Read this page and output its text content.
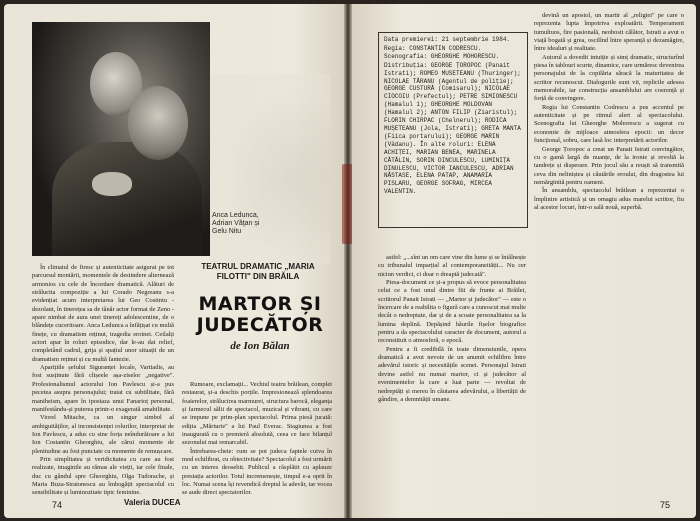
Anca Ledunca, Adrian Văţan și Gelu Nitu
TEATRUL DRAMATIC „MARIA FILOTTI" DIN BRĂILA
MARTOR ȘI JUDECĂTOR
de Ion Bălan

În climatul de firesc și autenticitate asigurat pe tot parcursul montării, momentele de destindere alternează armonios cu cele de încordare dramatică. Alături de strălucita compoziție a lui Corado Negreanu s-a evidențiat acum interpretarea lui Geo Costiniu - dezolant, în tinerețea sa de tânăr actor format de Zeno - apare nimbat de aura unei tinereți adolescentine, de o blândețe cuceritoare. Anca Ledunca a înfățișat cu multă finețe, cu dramatism reținut, tragedia eroinei. Ceilalți actori apar în roluri episodice, dar le-au dat relief, completând cadrul, grija și spațiul unor situații de un dramatism reținut și cu multă fantezie.

Aparițiile șefului Siguranței locale, Vartiadis, au fost susținute fără clișeele așa-ziselor „negative". Profesionalismul actorului Ion Pavlescu și-a pus pecetea asupra personajului; tratat cu subtilitate, fără maniheism, apare în ipostaza unui Fanarioț personal, manifestându-și puterea printr-o exagerată amabilitate.

Viorel Mitache, ca un singur simbol al ambiguităților, al inconsistenței rolurilor, interpretat de Ion Pavlescu, a adus cu sine forța neîndurătoare a lui Ion Costantin Gheorghiu, ale cărui momente de plenitudine au fost punctate cu momente de remușcare.

Prin simplitatea și veridicitatea cu care au fost realizate, imaginile au rămas ale vieții, iar cele finale, duc cu gândul spre Gheorghiu, Olga Tudorache, și Maria Buza-Stratonescu au îmbogățit spectacolul cu sensibilitate și luminozitate tipic feminine.

Rumoare, exclamații... Vechiul teatru brăilean, complet restaurat, și-a deschis porțile. Impresionează splendoarea foaierelor, strălucirea marmurei, structura barocă, eleganța și farmecul sălii de spectacol, muzical și vibrant, cu care se impune pe prim-plan spectacolul. Prima piesă jucată: ediția „Mărturie" a lui Paul Everac. Stagiunea a fost inaugurată cu o premieră absolută, ceea ce face bilanțul sezonului mai remarcabil.

Întrebarea-cheie: cum se pot judeca faptele cuiva în mod echilibrat, cu obiectivitate? Spectacolul a fost urmărit cu un interes deosebit. Publicul a răsplătit cu aplauze prestația actorilor. Totul incremenește, timpul e-a oprit în loc. Numai scena își revendică dreptul la adevăr, iar vocea se aude direct spectatorilor.

Valeria DUCEA
74

Data premierei: 21 septembrie 1984.

Regia: CONSTANTIN CODRESCU. Scenografia: GHEORGHE MOHORESCU.

Distribuția: GEORGE ȚOROPOC (Panait Istrati); ROMEO MUSETEANU (Thuringer); NICOLAE TĂRANU (Agentul de poliție); GEORGE CUSTURĂ (Comisarul); NICOLAE CIOCOIU (Prefectul); PETRE SIMIONESCU (Hamalul 1); GHEORGHE MOLDOVAN (Hamalul 2); ANTON FILIP (Ziaristul); FLORIN CHIRPAC (Chelnerul); RODICA MUȘETEANU (Jola, Istrati); GRETA MANTA (Fiica portarului); GEORGE MARIN (Vădanu). În alte roluri: ELENA ACHIȚEI, MARIAN BENEA, MARINELA CĂTĂLIN, SORIN DINCULESCU, LUMINIȚA DINULESCU, VICTOR IANCULESCU, ADRIAN NĂSTASE, ELENA PATAP, ANAMARIA PISLARU, GEORGE SOFRAG, MIRCEA VALENTIN.

astfel: „...sînt un om care vine din lume și se întâlnește cu tribunalul imparțial al contemporaneității... Nu cer niciun verdict, ci doar o dreaptă judecată".

Piesa-document ce și-a propus să evoce personalitatea celui ce a fost unul dintre fiii de frunte ai Brăilei, scriitorul Panait Istrati — „Martor și judecător" — este o încercare de a reabilita o figură care a cunoscut mai multe decât o nedreptate, dar și de a scoate personalitatea sa la lumina deplină. Depășind hăurile fișelor biografice pentru a da spectacolului caracter de document, autorul a reconstituit o atmosferă, o epocă.

Pentru a fi credibilă în toate dimensiunile, opera dramatică a avut nevoie de un anumit echilibru între adevărul istoric și necesitățile scenei. Personajul Istrati devine astfel nu numai martor, ci și judecător al evenimentelor la care a luat parte — revoltat de nedreptăți și mereu în căutarea adevărului, a libertății de gândire, a demnității umane.

devină un apostol, un martir al „religiei" pe care o reprezenta lupta împotriva exploatării. Temperament tumultuos, fire pasională, neobosit călător, Istrati a avut o viață bogată și grea, oscilînd între speranță și dezamăgire, între idealuri și realitate.

Autorul a dovedit intuiție și simț dramatic, structurînd piesa în tablouri scurte, dinamice, care urmăresc devenirea personajului de la copilăria săracă la maturitatea de scriitor recunoscut. Dialogurile sunt vii, replicile adesea memorabile, iar construcția ansamblului are coerență și forță de convingere.

Regia lui Constantin Codrescu a pus accentul pe autenticitate și pe ritmul alert al spectacolului. Scenografia lui Gheorghe Mohorescu a sugerat cu economie de mijloace atmosfera epocii: un decor funcțional, sobru, care lasă loc interpretării actorilor.

George Țoropoc a creat un Panait Istrati convingător, cu o gamă largă de nuanțe, de la ironie și revoltă la tandrețe și disperare. Prin jocul său a reușit să transmită ceva din neliniștea și căutările eroului, din dragostea lui nemărginită pentru oameni.

În ansamblu, spectacolul brăilean a reprezentat o împlinire artistică și un omagiu adus marelui scriitor, fiu al acestor locuri, într-o sală nouă, superbă.

75
